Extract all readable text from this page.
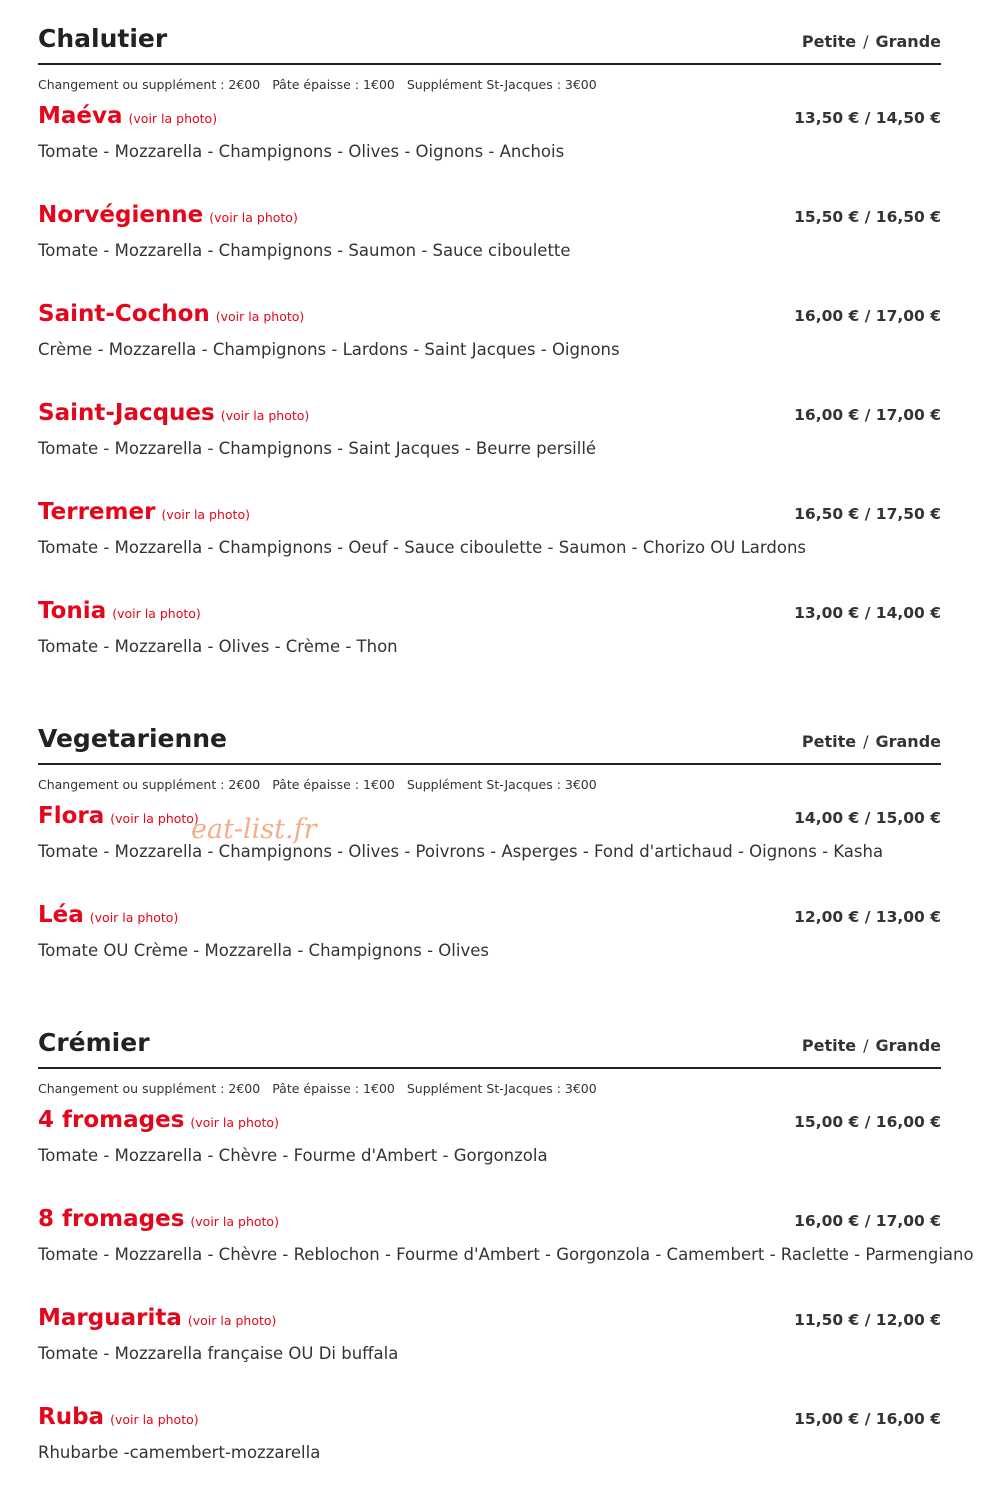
Chalutier	Petite / Grande
Changement ou supplément : 2€00 Pâte épaisse : 1€00 Supplément St-Jacques : 3€00
Maéva (voir la photo)	13,50 € / 14,50 €
Tomate - Mozzarella - Champignons - Olives - Oignons - Anchois
Norvégienne (voir la photo)	15,50 € / 16,50 €
Tomate - Mozzarella - Champignons - Saumon - Sauce ciboulette
Saint-Cochon (voir la photo)	16,00 € / 17,00 €
Crème - Mozzarella - Champignons - Lardons - Saint Jacques - Oignons
Saint-Jacques (voir la photo)	16,00 € / 17,00 €
Tomate - Mozzarella - Champignons - Saint Jacques - Beurre persillé
Terremer (voir la photo)	16,50 € / 17,50 €
Tomate - Mozzarella - Champignons - Oeuf - Sauce ciboulette - Saumon - Chorizo OU Lardons
Tonia (voir la photo)	13,00 € / 14,00 €
Tomate - Mozzarella - Olives - Crème - Thon
Vegetarienne	Petite / Grande
Changement ou supplément : 2€00 Pâte épaisse : 1€00 Supplément St-Jacques : 3€00
Flora (voir la photo)	14,00 € / 15,00 €
Tomate - Mozzarella - Champignons - Olives - Poivrons - Asperges - Fond d'artichaud - Oignons - Kasha
Léa (voir la photo)	12,00 € / 13,00 €
Tomate OU Crème - Mozzarella - Champignons - Olives
Crémier	Petite / Grande
Changement ou supplément : 2€00 Pâte épaisse : 1€00 Supplément St-Jacques : 3€00
4 fromages (voir la photo)	15,00 € / 16,00 €
Tomate - Mozzarella - Chèvre - Fourme d'Ambert - Gorgonzola
8 fromages (voir la photo)	16,00 € / 17,00 €
Tomate - Mozzarella - Chèvre - Reblochon - Fourme d'Ambert - Gorgonzola - Camembert - Raclette - Parmengiano
Marguarita (voir la photo)	11,50 € / 12,00 €
Tomate - Mozzarella française OU Di buffala
Ruba (voir la photo)	15,00 € / 16,00 €
Rhubarbe -camembert-mozzarella
eat-list.fr
